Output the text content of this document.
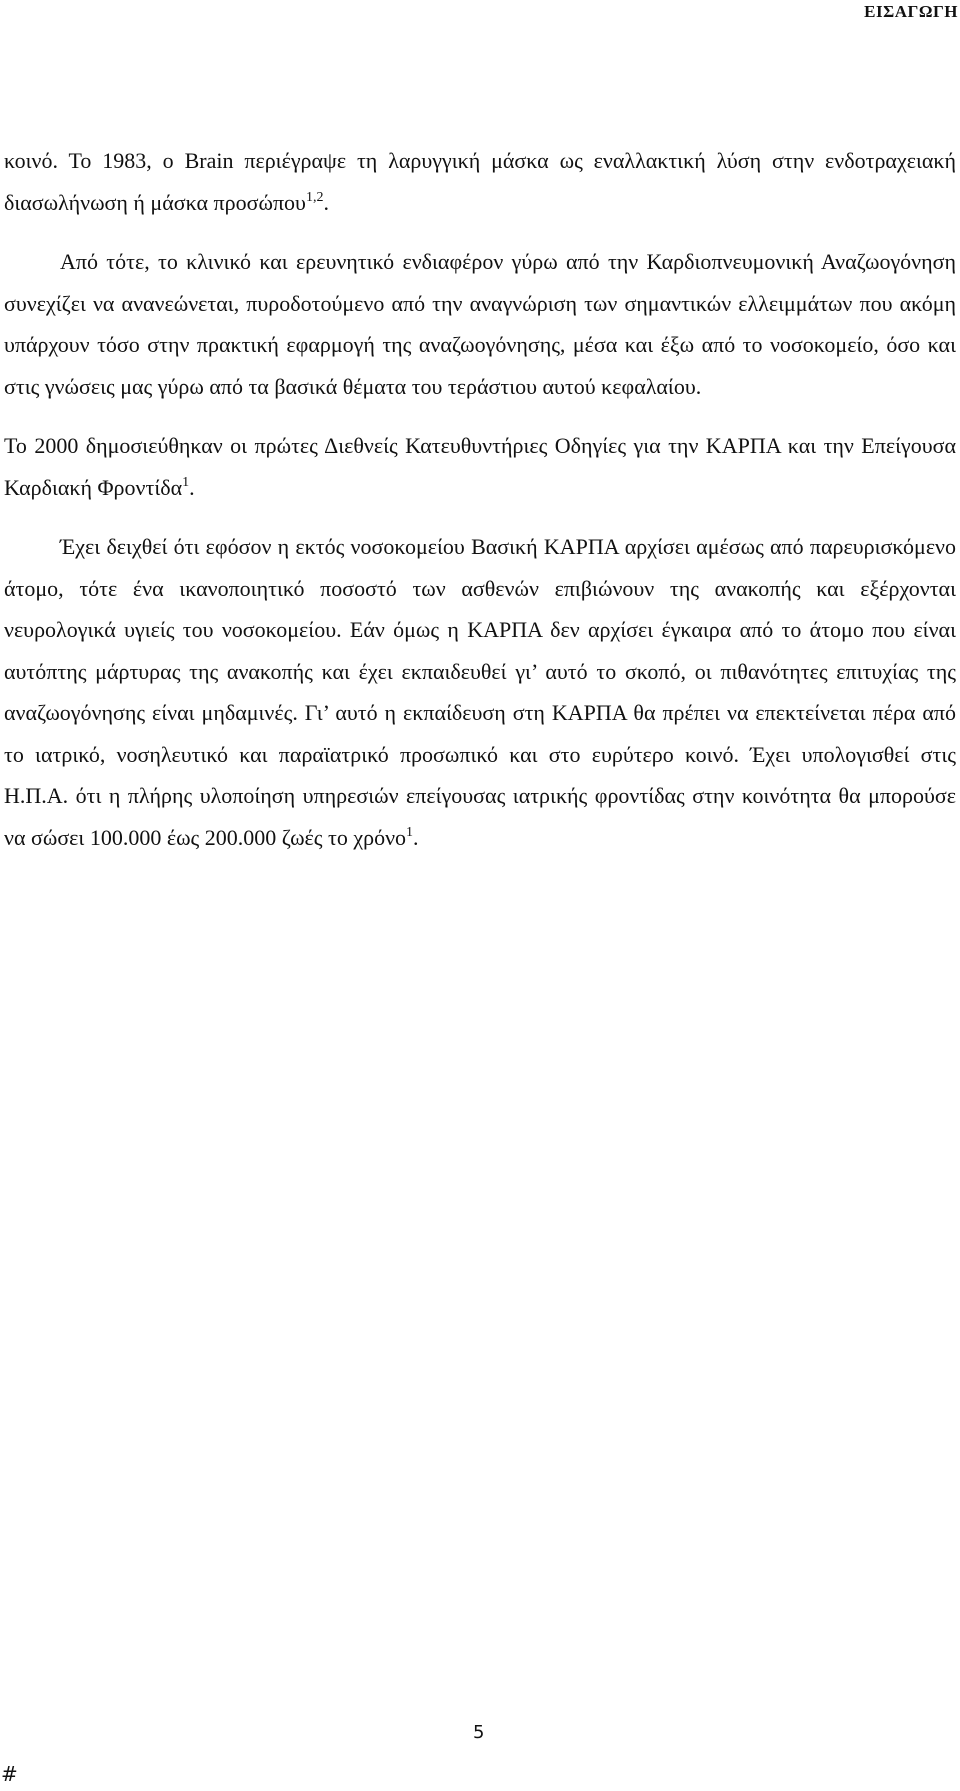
ΕΙΣΑΓΩΓΗ

κοινό. Το 1983, ο Brain περιέγραψε τη λαρυγγική μάσκα ως εναλλακτική λύση στην ενδοτραχειακή διασωλήνωση ή μάσκα προσώπου$^{1,2}$.

Από τότε, το κλινικό και ερευνητικό ενδιαφέρον γύρω από την Καρδιοπνευμονική Αναζωογόνηση συνεχίζει να ανανεώνεται, πυροδοτούμενο από την αναγνώριση των σημαντικών ελλειμμάτων που ακόμη υπάρχουν τόσο στην πρακτική εφαρμογή της αναζωογόνησης, μέσα και έξω από το νοσοκομείο, όσο και στις γνώσεις μας γύρω από τα βασικά θέματα του τεράστιου αυτού κεφαλαίου.

Το 2000 δημοσιεύθηκαν οι πρώτες Διεθνείς Κατευθυντήριες Οδηγίες για την ΚΑΡΠΑ και την Επείγουσα Καρδιακή Φροντίδα$^1$.

Έχει δειχθεί ότι εφόσον η εκτός νοσοκομείου Βασική ΚΑΡΠΑ αρχίσει αμέσως από παρευρισκόμενο άτομο, τότε ένα ικανοποιητικό ποσοστό των ασθενών επιβιώνουν της ανακοπής και εξέρχονται νευρολογικά υγιείς του νοσοκομείου. Εάν όμως η ΚΑΡΠΑ δεν αρχίσει έγκαιρα από το άτομο που είναι αυτόπτης μάρτυρας της ανακοπής και έχει εκπαιδευθεί γι’ αυτό το σκοπό, οι πιθανότητες επιτυχίας της αναζωογόνησης είναι μηδαμινές. Γι’ αυτό η εκπαίδευση στη ΚΑΡΠΑ θα πρέπει να επεκτείνεται πέρα από το ιατρικό, νοσηλευτικό και παραϊατρικό προσωπικό και στο ευρύτερο κοινό. Έχει υπολογισθεί στις Η.Π.Α. ότι η πλήρης υλοποίηση υπηρεσιών επείγουσας ιατρικής φροντίδας στην κοινότητα θα μπορούσε να σώσει 100.000 έως 200.000 ζωές το χρόνο$^1$.

5
#
